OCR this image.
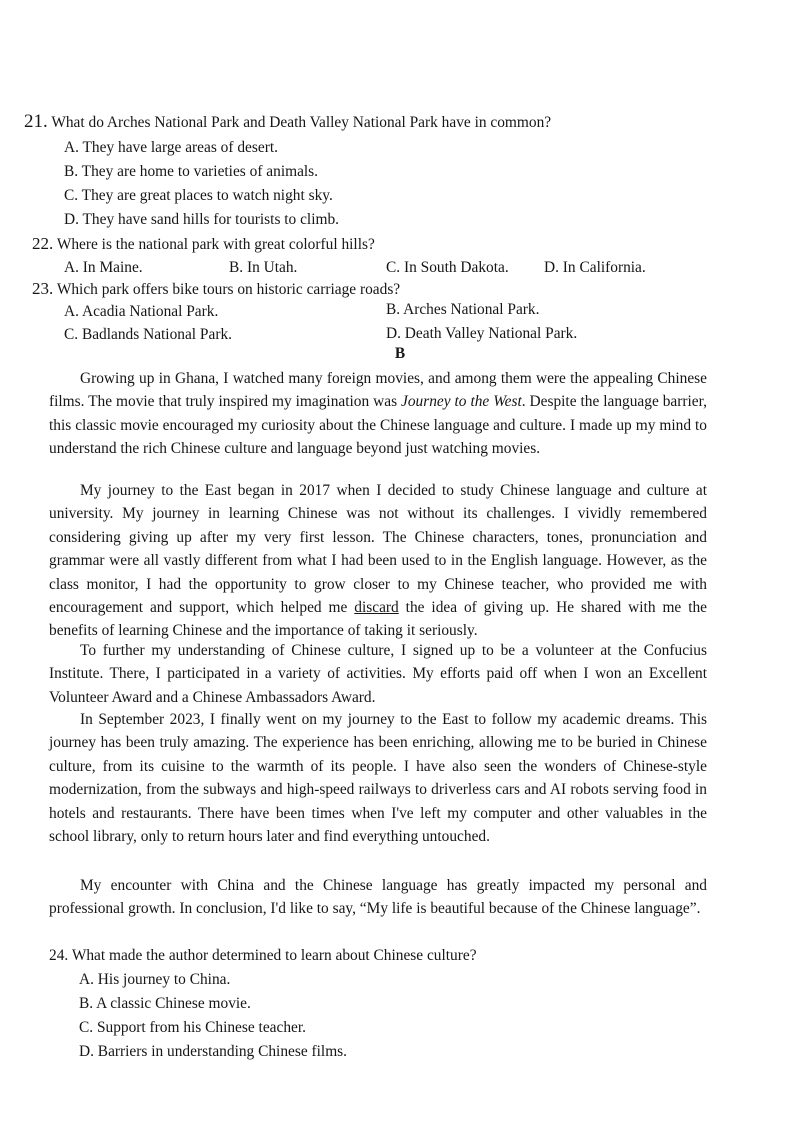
21. What do Arches National Park and Death Valley National Park have in common?
A. They have large areas of desert.
B. They are home to varieties of animals.
C. They are great places to watch night sky.
D. They have sand hills for tourists to climb.
22. Where is the national park with great colorful hills?
A. In Maine.	B. In Utah.	C. In South Dakota. D. In California.
23. Which park offers bike tours on historic carriage roads?
A. Acadia National Park.	B. Arches National Park.
C. Badlands National Park.	D. Death Valley National Park.
B
Growing up in Ghana, I watched many foreign movies, and among them were the appealing Chinese films. The movie that truly inspired my imagination was Journey to the West. Despite the language barrier, this classic movie encouraged my curiosity about the Chinese language and culture. I made up my mind to understand the rich Chinese culture and language beyond just watching movies.
My journey to the East began in 2017 when I decided to study Chinese language and culture at university. My journey in learning Chinese was not without its challenges. I vividly remembered considering giving up after my very first lesson. The Chinese characters, tones, pronunciation and grammar were all vastly different from what I had been used to in the English language. However, as the class monitor, I had the opportunity to grow closer to my Chinese teacher, who provided me with encouragement and support, which helped me discard the idea of giving up. He shared with me the benefits of learning Chinese and the importance of taking it seriously.
To further my understanding of Chinese culture, I signed up to be a volunteer at the Confucius Institute. There, I participated in a variety of activities. My efforts paid off when I won an Excellent Volunteer Award and a Chinese Ambassadors Award.
In September 2023, I finally went on my journey to the East to follow my academic dreams. This journey has been truly amazing. The experience has been enriching, allowing me to be buried in Chinese culture, from its cuisine to the warmth of its people. I have also seen the wonders of Chinese-style modernization, from the subways and high-speed railways to driverless cars and AI robots serving food in hotels and restaurants. There have been times when I've left my computer and other valuables in the school library, only to return hours later and find everything untouched.
My encounter with China and the Chinese language has greatly impacted my personal and professional growth. In conclusion, I'd like to say, “My life is beautiful because of the Chinese language”.
24. What made the author determined to learn about Chinese culture?
A. His journey to China.
B. A classic Chinese movie.
C. Support from his Chinese teacher.
D. Barriers in understanding Chinese films.
